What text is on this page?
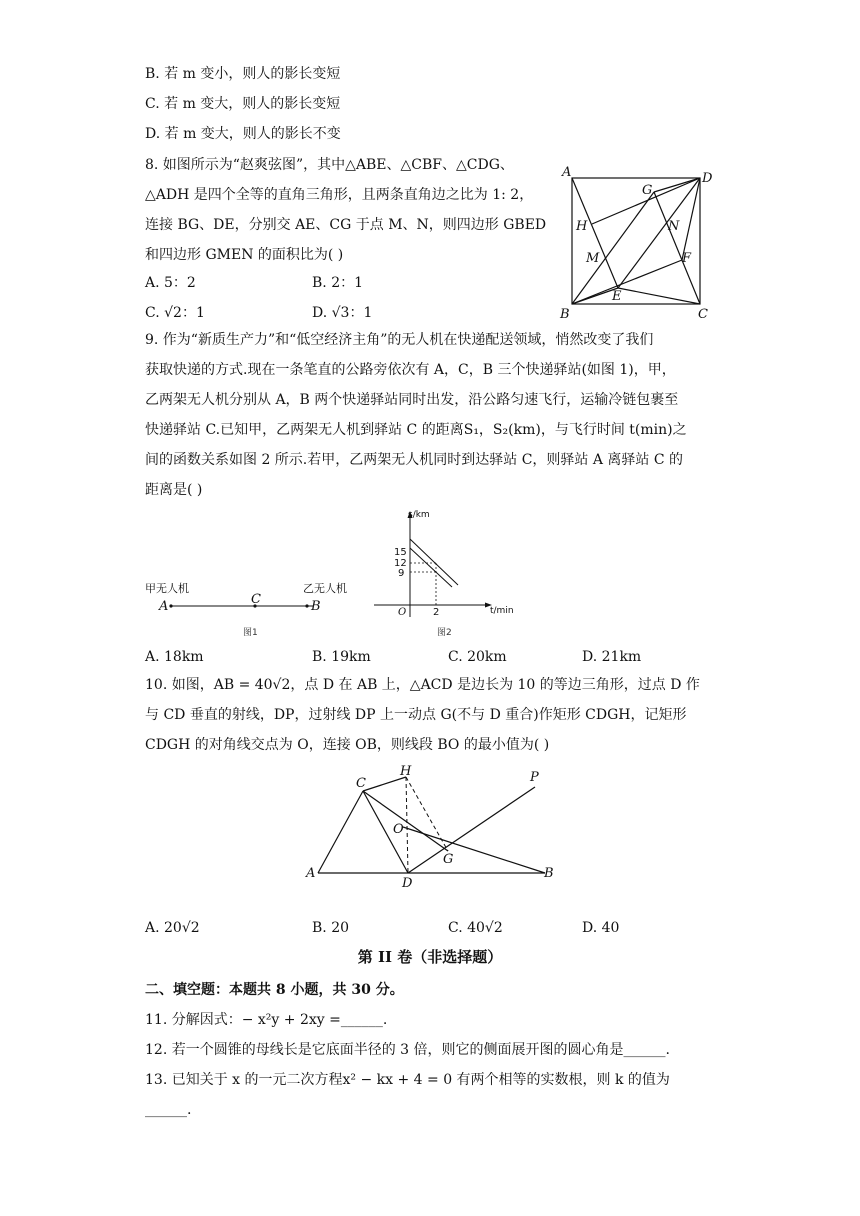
B. 若 m 变小，则人的影长变短
C. 若 m 变大，则人的影长变短
D. 若 m 变大，则人的影长不变
8. 如图所示为“赵爽弦图”，其中△ABE、△CBF、△CDG、
△ADH 是四个全等的直角三角形，且两条直角边之比为 1: 2，
连接 BG、DE，分别交 AE、CG 于点 M、N，则四边形 GBED
和四边形 GMEN 的面积比为( )
A. 5：2	B. 2：1
C. √2：1	D. √3：1
A	D
B	C
G
H	N
M	F
E
9. 作为“新质生产力”和“低空经济主角”的无人机在快递配送领域，悄然改变了我们
获取快递的方式.现在一条笔直的公路旁依次有 A，C，B 三个快递驿站(如图 1)，甲，
乙两架无人机分别从 A，B 两个快递驿站同时出发，沿公路匀速飞行，运输冷链包裹至
快递驿站 C.已知甲，乙两架无人机到驿站 C 的距离S₁，S₂(km)，与飞行时间 t(min)之
间的函数关系如图 2 所示.若甲，乙两架无人机同时到达驿站 C，则驿站 A 离驿站 C 的
距离是( )
甲无人机	乙无人机
A	C	B
图1
s/km
t/min
15
12
9
2
O
图2
A. 18km	B. 19km	C. 20km	D. 21km
10. 如图，AB = 40√2，点 D 在 AB 上，△ACD 是边长为 10 的等边三角形，过点 D 作
与 CD 垂直的射线，DP，过射线 DP 上一动点 G(不与 D 重合)作矩形 CDGH，记矩形
CDGH 的对角线交点为 O，连接 OB，则线段 BO 的最小值为( )
A
C
H	P
O
G
D
B
A. 20√2	B. 20	C. 40√2	D. 40
第 II 卷（非选择题）
二、填空题：本题共 8 小题，共 30 分。
11. 分解因式：− x²y + 2xy =______.
12. 若一个圆锥的母线长是它底面半径的 3 倍，则它的侧面展开图的圆心角是______.
13. 已知关于 x 的一元二次方程x² − kx + 4 = 0 有两个相等的实数根，则 k 的值为
______.
